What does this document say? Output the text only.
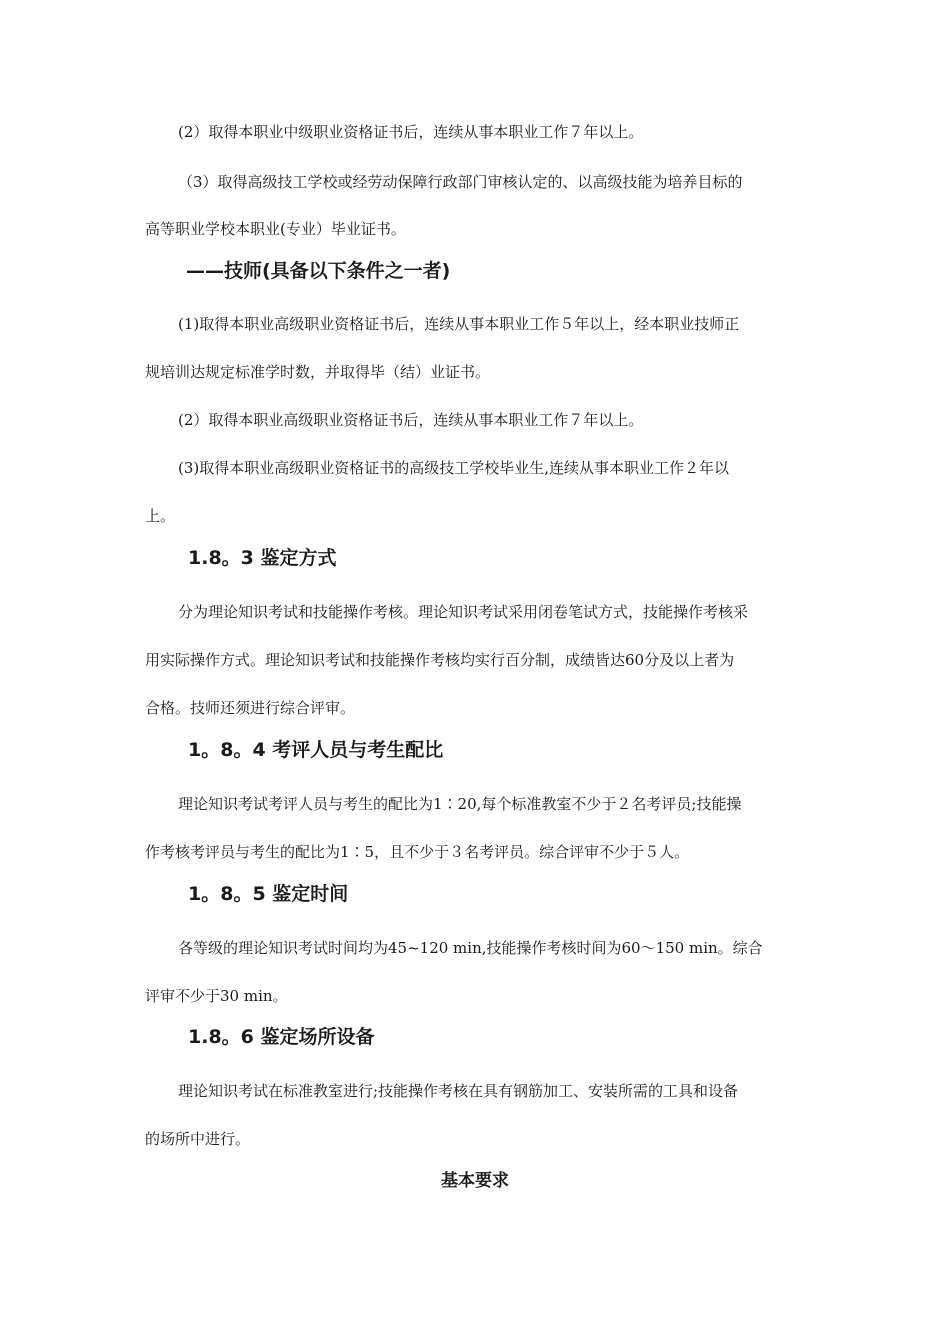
(2）取得本职业中级职业资格证书后，连续从事本职业工作７年以上。
（3）取得高级技工学校或经劳动保障行政部门审核认定的、以高级技能为培养目标的
高等职业学校本职业(专业）毕业证书。
——技师(具备以下条件之一者)
(1)取得本职业高级职业资格证书后，连续从事本职业工作５年以上，经本职业技师正
规培训达规定标准学时数，并取得毕（结）业证书。
(2）取得本职业高级职业资格证书后，连续从事本职业工作７年以上。
(3)取得本职业高级职业资格证书的高级技工学校毕业生,连续从事本职业工作２年以
上。
1.8。3 鉴定方式
分为理论知识考试和技能操作考核。理论知识考试采用闭卷笔试方式，技能操作考核采
用实际操作方式。理论知识考试和技能操作考核均实行百分制，成绩皆达60分及以上者为
合格。技师还须进行综合评审。
1。8。4 考评人员与考生配比
理论知识考试考评人员与考生的配比为1∶20,每个标准教室不少于２名考评员;技能操
作考核考评员与考生的配比为1∶5，且不少于３名考评员。综合评审不少于５人。
1。8。5 鉴定时间
各等级的理论知识考试时间均为45~120 min,技能操作考核时间为60～150 min。综合
评审不少于30 min。
1.8。6 鉴定场所设备
理论知识考试在标准教室进行;技能操作考核在具有钢筋加工、安装所需的工具和设备
的场所中进行。
基本要求
